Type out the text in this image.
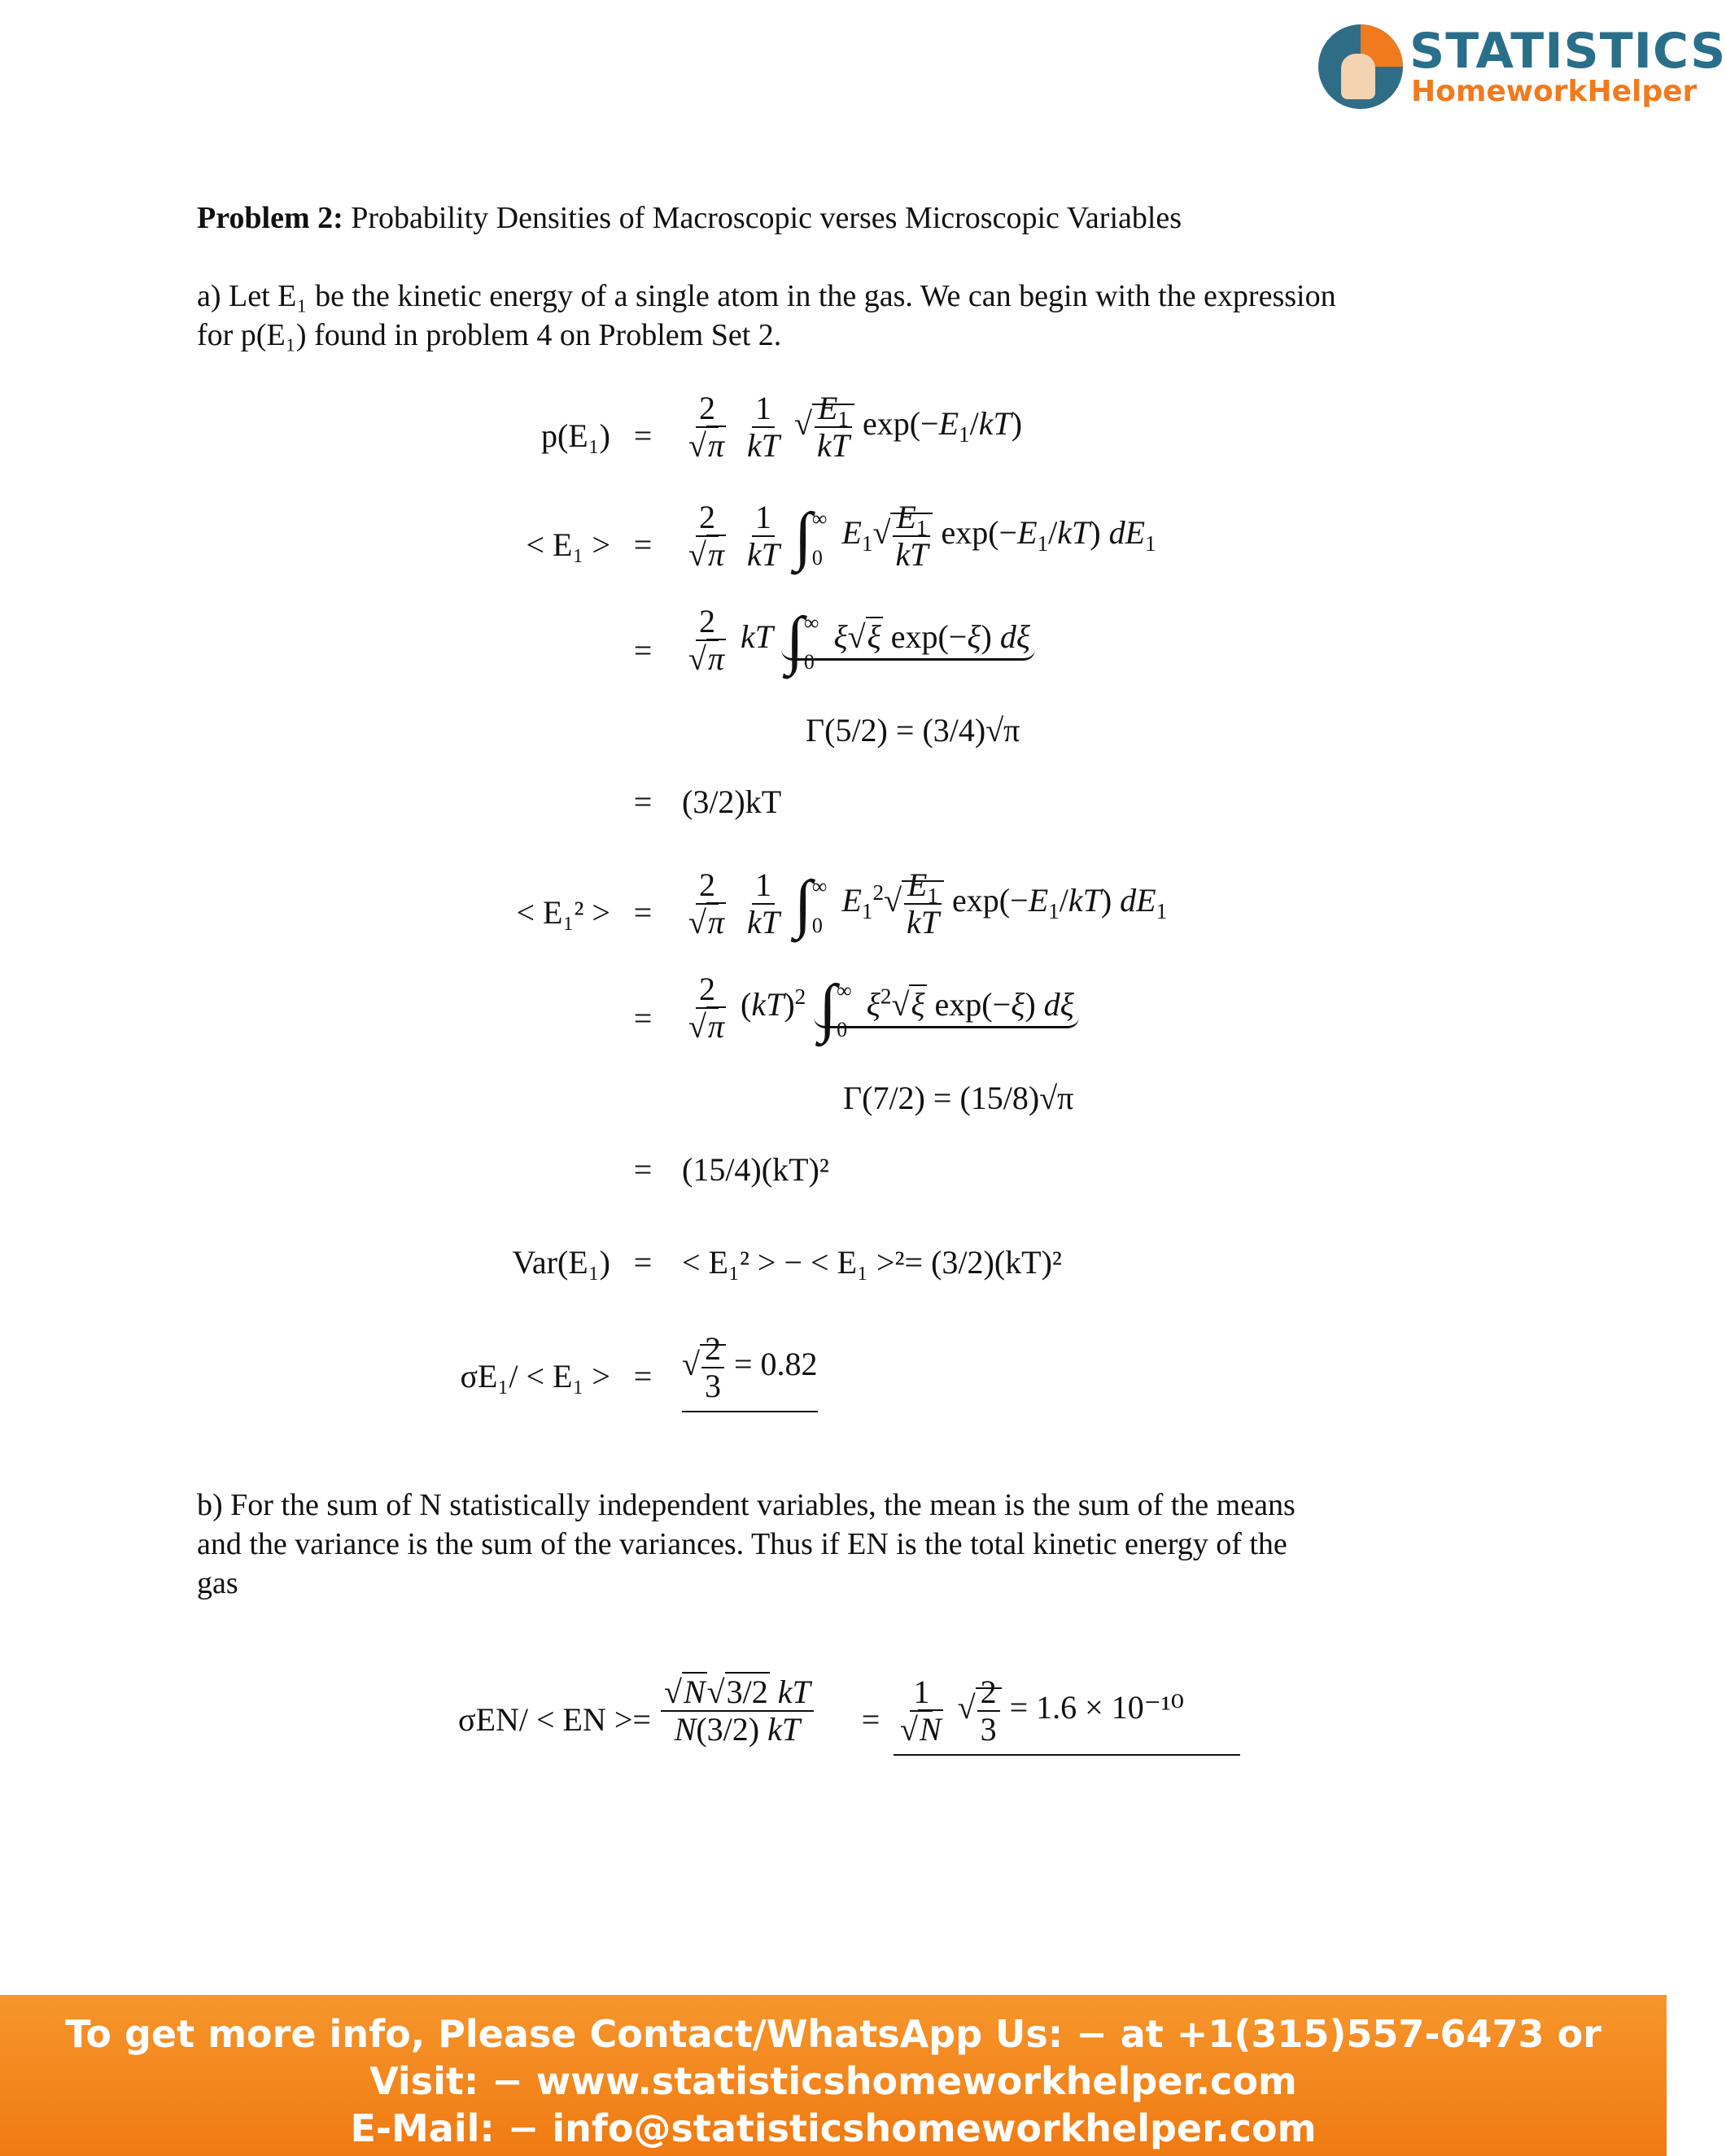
STATISTICS
HomeworkHelper
Problem 2: Probability Densities of Macroscopic verses Microscopic Variables
a) Let E₁ be the kinetic energy of a single atom in the gas. We can begin with the expression
for p(E₁) found in problem 4 on Problem Set 2.
p(E₁) =	$\frac{2}{√\pi}$
$\frac{1}{kT}$ √ $\frac{E_1}{kT} \exp(-E_1/kT)$
< E₁ > =	$\frac{2}{√\pi}$
$\frac{1}{kT}$ ∫ ∞
0
$E_1√ \frac{E_1}{kT} \exp(-E_1/kT)$ $dE_1$
=	$\frac{2}{√\pi}$ kT ∫ ∞
0
ξ√ξ exp(−ξ) dξ
Γ(5/2) = (3/4)√π
= (3/2)kT
< E₁² > =	$\frac{2}{√\pi}$
$\frac{1}{kT}$ ∫ ∞
0
$E_1^2√ \frac{E_1}{kT} \exp(-E_1/kT)$ $dE_1$
=	$\frac{2}{√\pi} (kT)^2$ ∫ ∞
0
$\xi^2√\xi$ exp(−ξ) dξ
Γ(7/2) = (15/8)√π
= (15/4)(kT)²
Var(E₁) = < E₁² > − < E₁ >²= (3/2)(kT)²
σE₁/ < E₁ > = √ $\frac{2}{3} = 0.82$
b) For the sum of N statistically independent variables, the mean is the sum of the means
and the variance is the sum of the variances. Thus if EN is the total kinetic energy of the
gas
σEN/ < EN >= $\frac{√N√3/2 kT}{N(3/2) kT}$	= $\frac{1}{√N}$ √ $\frac{2}{3} = 1.6 \times 10^{-10}$
To get more info, Please Contact/WhatsApp Us: − at +1(315)557-6473 or
Visit: − www.statisticshomeworkhelper.com
E-Mail: − info@statisticshomeworkhelper.com
